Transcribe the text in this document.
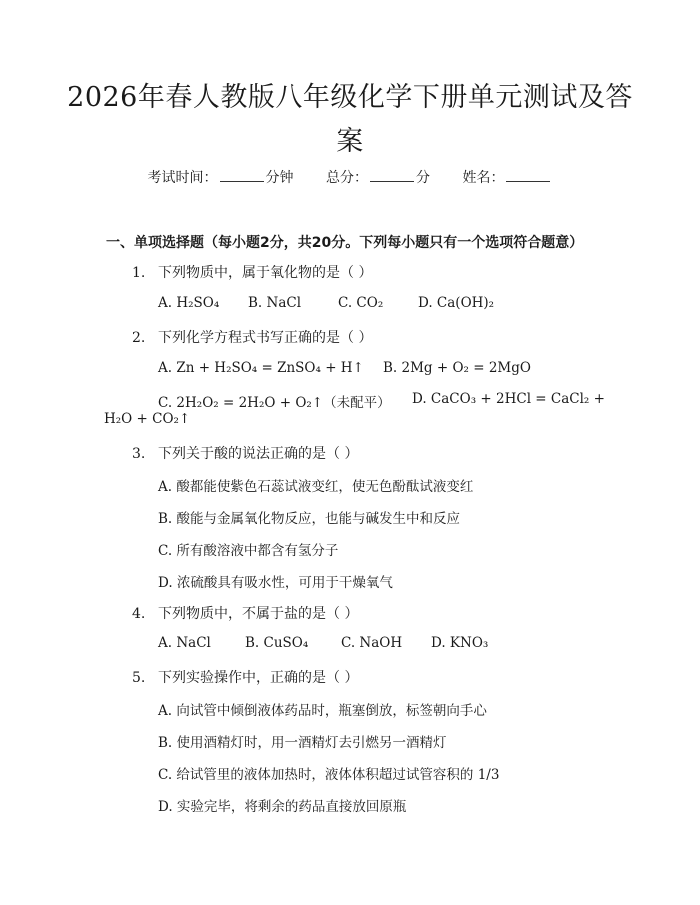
2026年春人教版八年级化学下册单元测试及答案
考试时间：	分钟 总分：	分 姓名：
一、单项选择题（每小题2分，共20分。下列每小题只有一个选项符合题意）
1. 下列物质中，属于氧化物的是（ ）
A. H₂SO₄ B. NaCl	C. CO₂	D. Ca(OH)₂
2. 下列化学方程式书写正确的是（ ）
A. Zn + H₂SO₄ = ZnSO₄ + H↑ B. 2Mg + O₂ = 2MgO
C. 2H₂O₂ = 2H₂O + O₂↑（未配平） D. CaCO₃ + 2HCl = CaCl₂ +
H₂O + CO₂↑
3. 下列关于酸的说法正确的是（ ）
A. 酸都能使紫色石蕊试液变红，使无色酚酞试液变红
B. 酸能与金属氧化物反应，也能与碱发生中和反应
C. 所有酸溶液中都含有氢分子
D. 浓硫酸具有吸水性，可用于干燥氧气
4. 下列物质中，不属于盐的是（ ）
A. NaCl	B. CuSO₄ C. NaOH D. KNO₃
5. 下列实验操作中，正确的是（ ）
A. 向试管中倾倒液体药品时，瓶塞倒放，标签朝向手心
B. 使用酒精灯时，用一酒精灯去引燃另一酒精灯
C. 给试管里的液体加热时，液体体积超过试管容积的 1/3
D. 实验完毕，将剩余的药品直接放回原瓶
